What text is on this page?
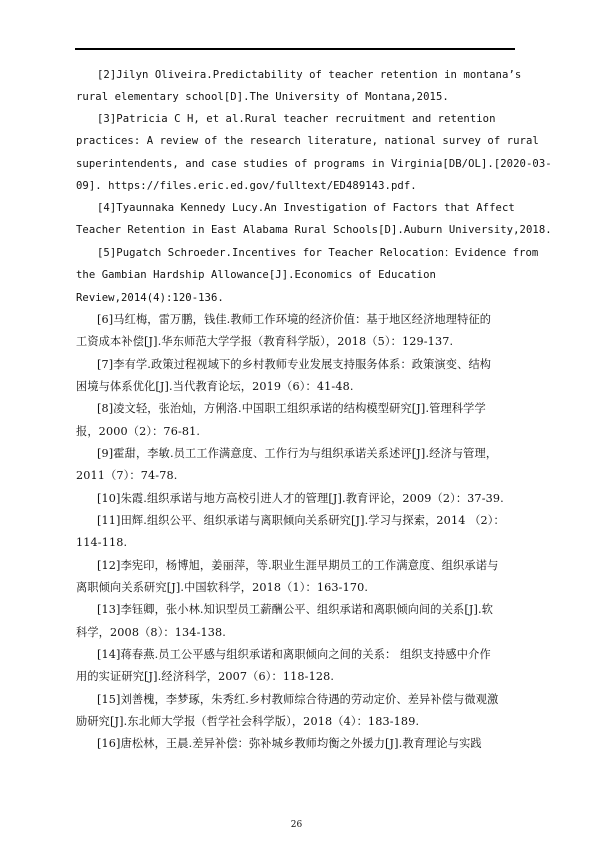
[2]Jilyn Oliveira.Predictability of teacher retention in montana’s
rural elementary school[D].The University of Montana,2015.
[3]Patricia C H, et al.Rural teacher recruitment and retention
practices: A review of the research literature, national survey of rural
superintendents, and case studies of programs in Virginia[DB/OL].[2020-03-
09]. https://files.eric.ed.gov/fulltext/ED489143.pdf.
[4]Tyaunnaka Kennedy Lucy.An Investigation of Factors that Affect
Teacher Retention in East Alabama Rural Schools[D].Auburn University,2018.
[5]Pugatch Schroeder.Incentives for Teacher Relocation：Evidence from
the Gambian Hardship Allowance[J].Economics of Education
Review,2014(4):120-136.
[6]马红梅，雷万鹏，钱佳.教师工作环境的经济价值：基于地区经济地理特征的
工资成本补偿[J].华东师范大学学报（教育科学版），2018（5）：129-137.
[7]李有学.政策过程视域下的乡村教师专业发展支持服务体系：政策演变、结构
困境与体系优化[J].当代教育论坛，2019（6）：41-48.
[8]凌文轻，张治灿，方俐洛.中国职工组织承诺的结构模型研究[J].管理科学学
报，2000（2）：76-81.
[9]霍甜，李敏.员工工作满意度、工作行为与组织承诺关系述评[J].经济与管理，
2011（7）：74-78.
[10]朱霞.组织承诺与地方高校引进人才的管理[J].教育评论，2009（2）：37-39.
[11]田辉.组织公平、组织承诺与离职倾向关系研究[J].学习与探索，2014 （2）：
114-118.
[12]李宪印，杨博旭，姜丽萍，等.职业生涯早期员工的工作满意度、组织承诺与
离职倾向关系研究[J].中国软科学，2018（1）：163-170.
[13]李钰卿，张小林.知识型员工薪酬公平、组织承诺和离职倾向间的关系[J].软
科学，2008（8）：134-138.
[14]蒋春燕.员工公平感与组织承诺和离职倾向之间的关系： 组织支持感中介作
用的实证研究[J].经济科学，2007（6）：118-128.
[15]刘善槐，李梦琢，朱秀红.乡村教师综合待遇的劳动定价、差异补偿与微观激
励研究[J].东北师大学报（哲学社会科学版），2018（4）：183-189.
[16]唐松林，王晨.差异补偿：弥补城乡教师均衡之外援力[J].教育理论与实践
26
